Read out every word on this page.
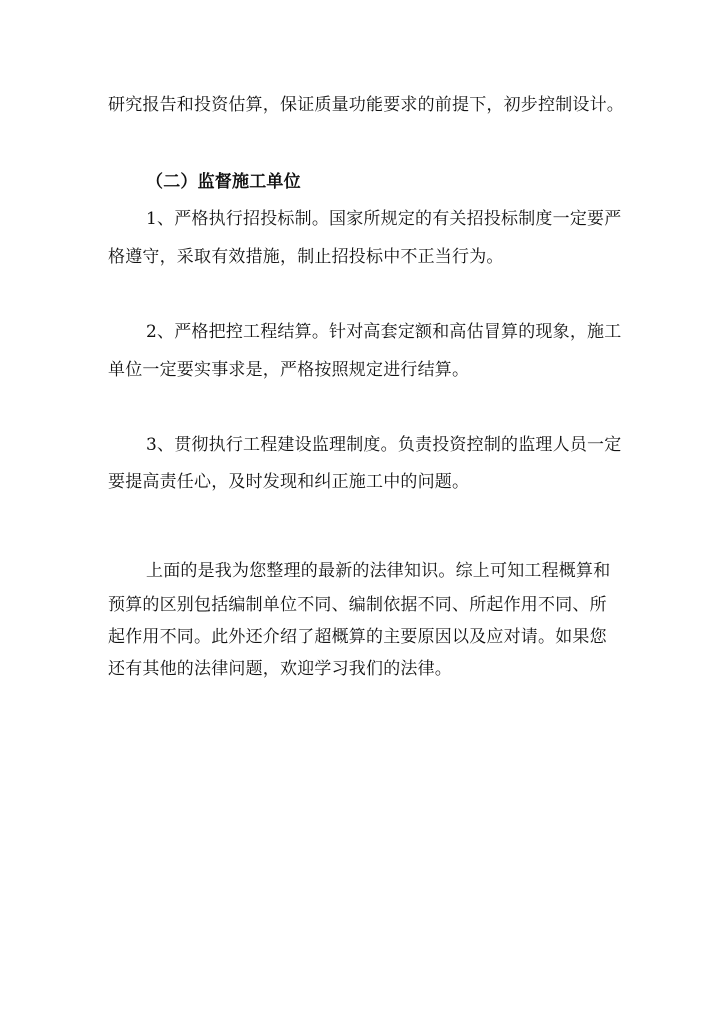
研究报告和投资估算，保证质量功能要求的前提下，初步控制设计。
（二）监督施工单位
1、严格执行招投标制。国家所规定的有关招投标制度一定要严
格遵守，采取有效措施，制止招投标中不正当行为。
2、严格把控工程结算。针对高套定额和高估冒算的现象，施工
单位一定要实事求是，严格按照规定进行结算。
3、贯彻执行工程建设监理制度。负责投资控制的监理人员一定
要提高责任心，及时发现和纠正施工中的问题。
上面的是我为您整理的最新的法律知识。综上可知工程概算和
预算的区别包括编制单位不同、编制依据不同、所起作用不同、所
起作用不同。此外还介绍了超概算的主要原因以及应对请。如果您
还有其他的法律问题，欢迎学习我们的法律。
